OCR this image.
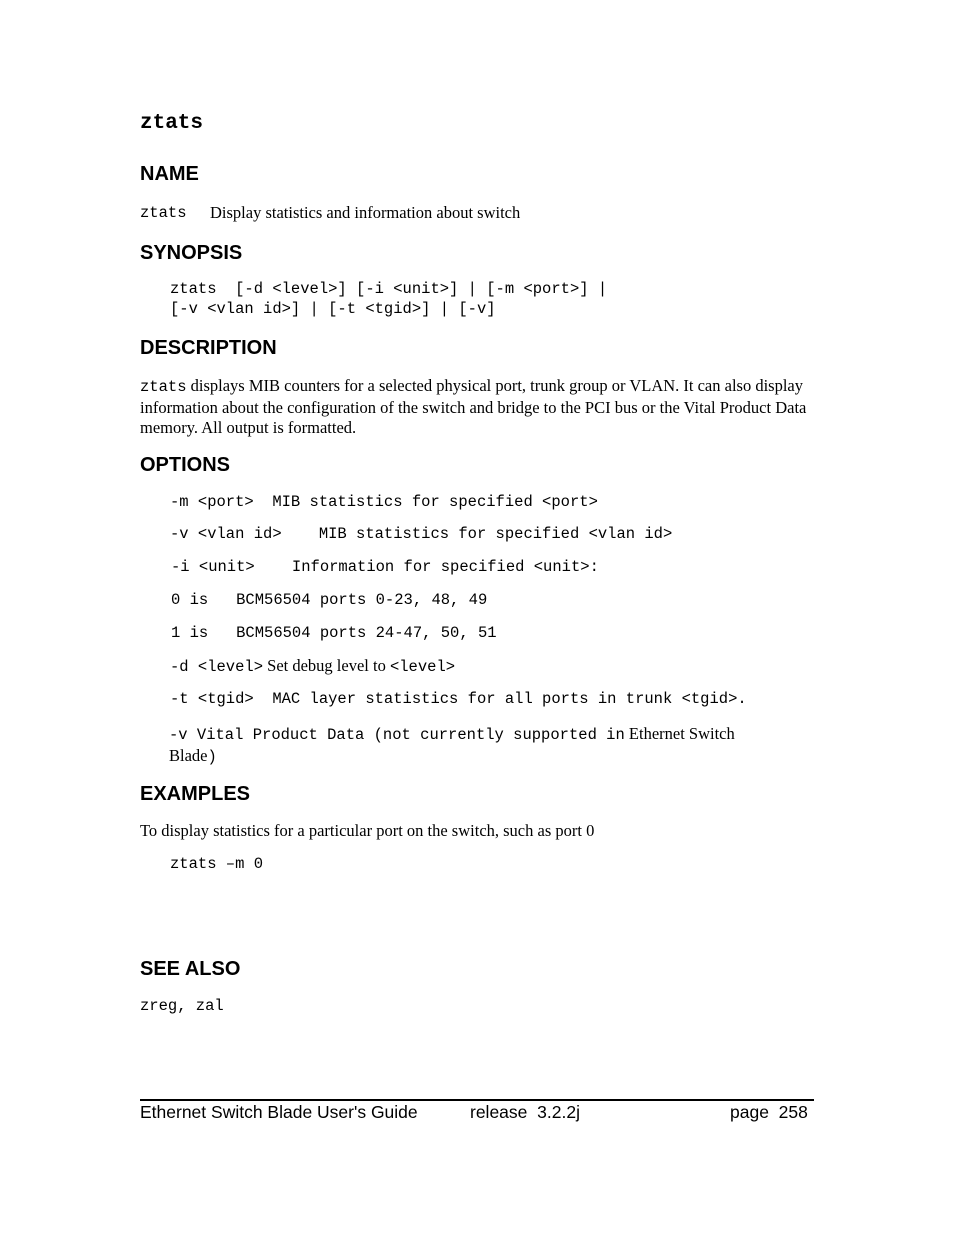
ztats
NAME
ztats Display statistics and information about switch
SYNOPSIS
ztats  [-d <level>] [-i <unit>] | [-m <port>] |
[-v <vlan id>] | [-t <tgid>] | [-v]
DESCRIPTION
ztats displays MIB counters for a selected physical port, trunk group or VLAN. It can also display information about the configuration of the switch and bridge to the PCI bus or the Vital Product Data memory. All output is formatted.
OPTIONS
-m <port>  MIB statistics for specified <port>
-v <vlan id>    MIB statistics for specified <vlan id>
-i <unit>    Information for specified <unit>:
0 is   BCM56504 ports 0-23, 48, 49
1 is   BCM56504 ports 24-47, 50, 51
-d <level> Set debug level to <level>
-t <tgid>  MAC layer statistics for all ports in trunk <tgid>.
-v Vital Product Data (not currently supported in Ethernet Switch Blade)
EXAMPLES
To display statistics for a particular port on the switch, such as port 0
ztats –m 0
SEE ALSO
zreg, zal
Ethernet Switch Blade User's Guide	release 3.2.2j	page 258
